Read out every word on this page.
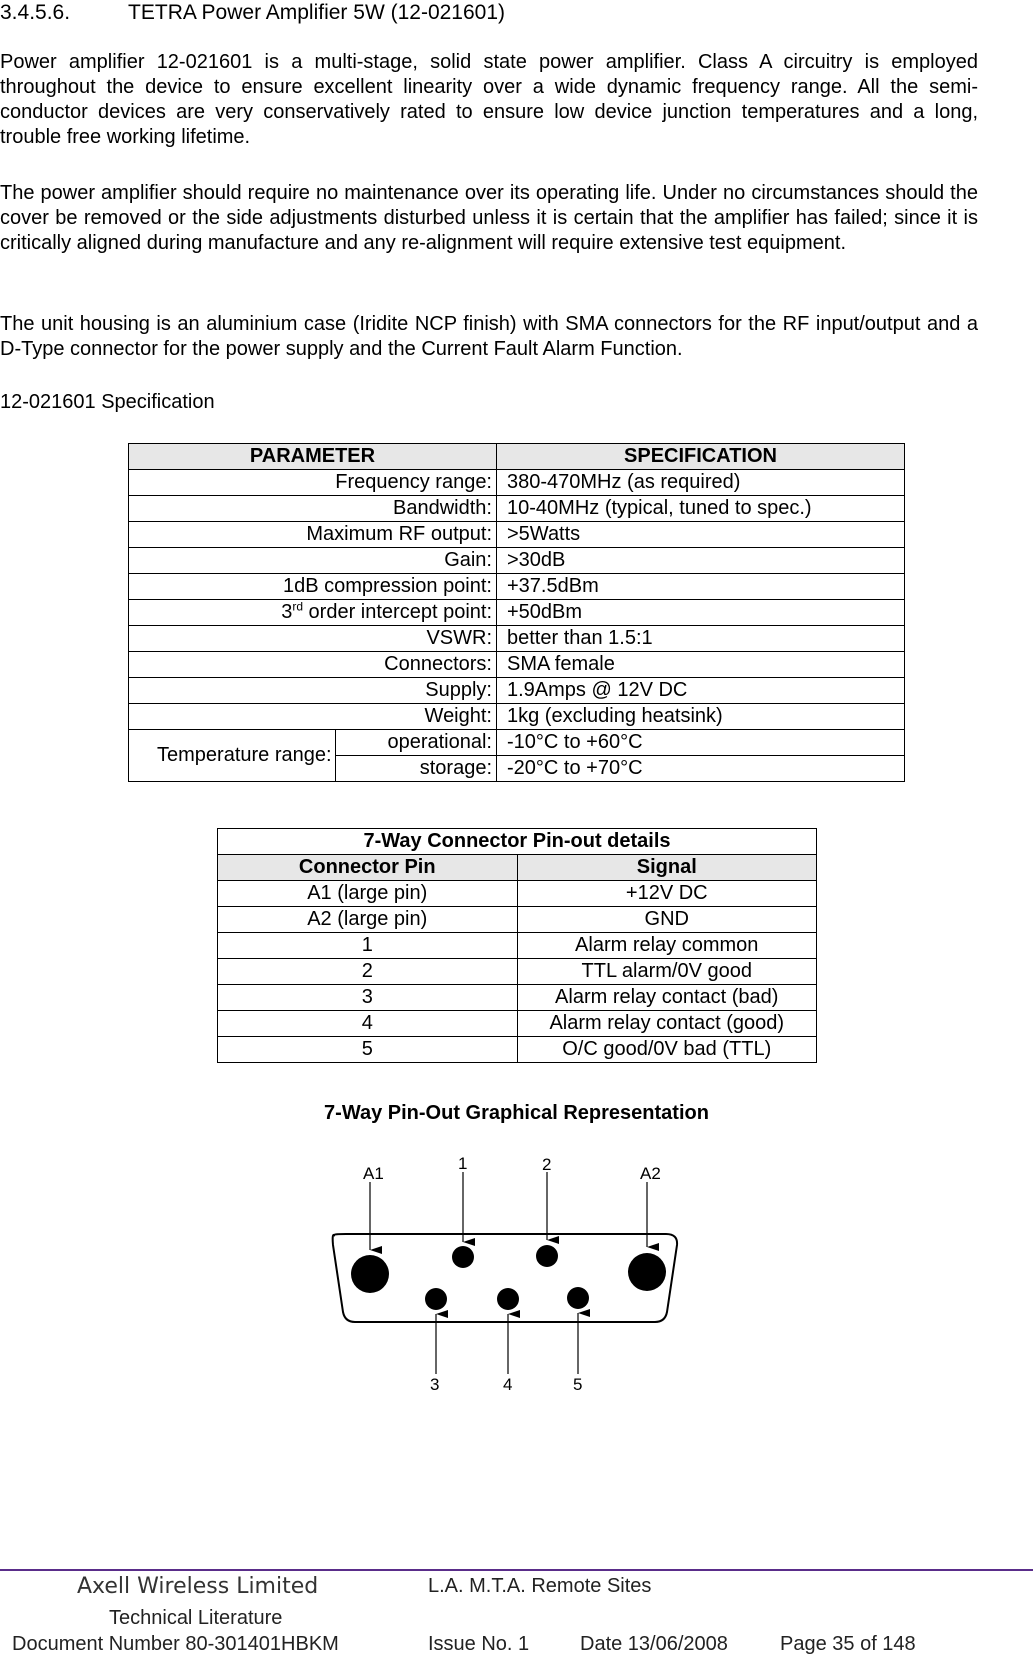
3.4.5.6.	TETRA Power Amplifier 5W (12-021601)
Power amplifier 12-021601 is a multi-stage, solid state power amplifier. Class A circuitry is employed throughout the device to ensure excellent linearity over a wide dynamic frequency range. All the semi-conductor devices are very conservatively rated to ensure low device junction temperatures and a long, trouble free working lifetime.
The power amplifier should require no maintenance over its operating life. Under no circumstances should the cover be removed or the side adjustments disturbed unless it is certain that the amplifier has failed; since it is critically aligned during manufacture and any re-alignment will require extensive test equipment.
The unit housing is an aluminium case (Iridite NCP finish) with SMA connectors for the RF input/output and a D-Type connector for the power supply and the Current Fault Alarm Function.
12-021601 Specification
PARAMETER		SPECIFICATION
Frequency range:		380-470MHz (as required)
Bandwidth:		10-40MHz (typical, tuned to spec.)
Maximum RF output:		>5Watts
Gain:		>30dB
1dB compression point:		+37.5dBm
3rd order intercept point:		+50dBm
VSWR:		better than 1.5:1
Connectors:		SMA female
Supply:		1.9Amps @ 12V DC
Weight:		1kg (excluding heatsink)
Temperature range:	operational:	-10°C to +60°C
	storage:	-20°C to +70°C
7-Way Connector Pin-out details	
Connector Pin	Signal
A1 (large pin)	+12V DC
A2 (large pin)	GND
1	Alarm relay common
2	TTL alarm/0V good
3	Alarm relay contact (bad)
4	Alarm relay contact (good)
5	O/C good/0V bad (TTL)
7-Way Pin-Out Graphical Representation
A1
1	2	A2
3	4	5
Axell Wireless Limited
Technical Literature
Document Number 80-301401HBKM
L.A. M.T.A. Remote Sites
Issue No. 1	Date 13/06/2008	Page 35 of 148
